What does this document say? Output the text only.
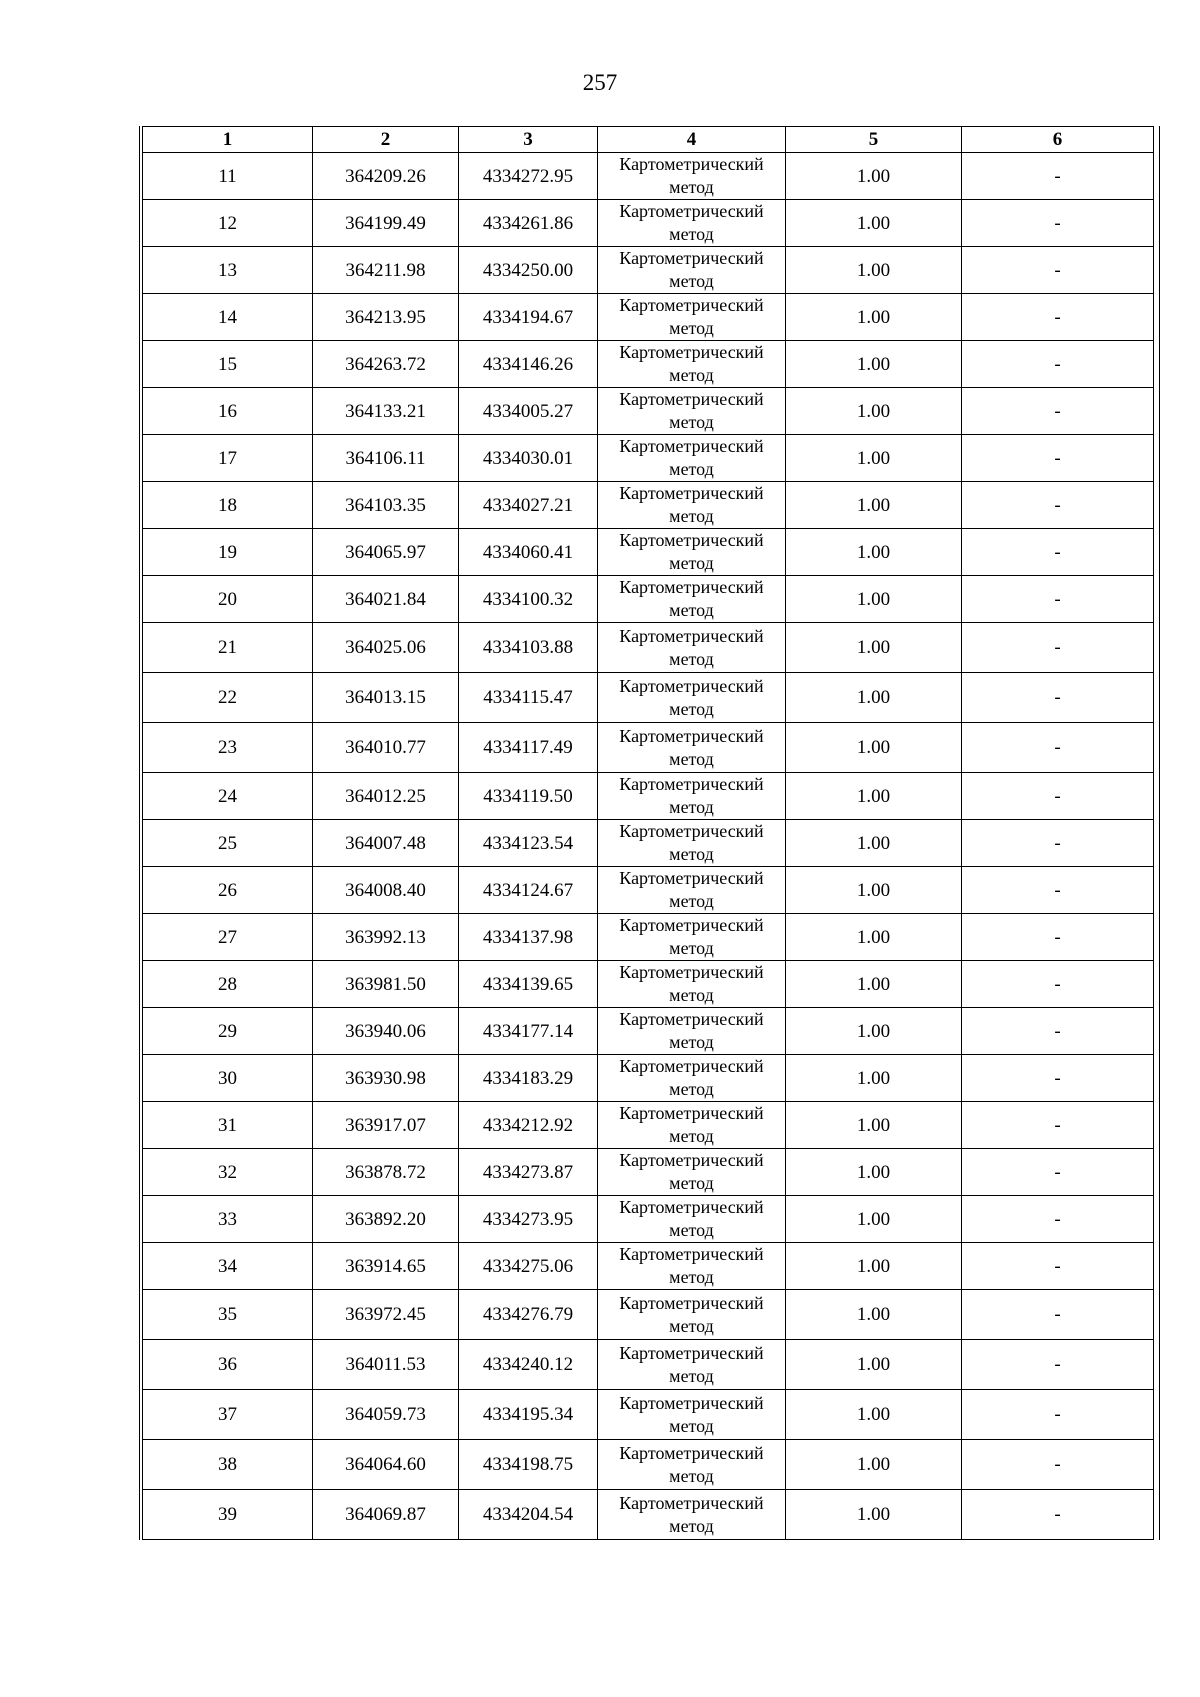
257
1	2	3	4	5	6
11	364209.26	4334272.95	Картометрический метод	1.00	-
12	364199.49	4334261.86	Картометрический метод	1.00	-
13	364211.98	4334250.00	Картометрический метод	1.00	-
14	364213.95	4334194.67	Картометрический метод	1.00	-
15	364263.72	4334146.26	Картометрический метод	1.00	-
16	364133.21	4334005.27	Картометрический метод	1.00	-
17	364106.11	4334030.01	Картометрический метод	1.00	-
18	364103.35	4334027.21	Картометрический метод	1.00	-
19	364065.97	4334060.41	Картометрический метод	1.00	-
20	364021.84	4334100.32	Картометрический метод	1.00	-
21	364025.06	4334103.88	Картометрический метод	1.00	-
22	364013.15	4334115.47	Картометрический метод	1.00	-
23	364010.77	4334117.49	Картометрический метод	1.00	-
24	364012.25	4334119.50	Картометрический метод	1.00	-
25	364007.48	4334123.54	Картометрический метод	1.00	-
26	364008.40	4334124.67	Картометрический метод	1.00	-
27	363992.13	4334137.98	Картометрический метод	1.00	-
28	363981.50	4334139.65	Картометрический метод	1.00	-
29	363940.06	4334177.14	Картометрический метод	1.00	-
30	363930.98	4334183.29	Картометрический метод	1.00	-
31	363917.07	4334212.92	Картометрический метод	1.00	-
32	363878.72	4334273.87	Картометрический метод	1.00	-
33	363892.20	4334273.95	Картометрический метод	1.00	-
34	363914.65	4334275.06	Картометрический метод	1.00	-
35	363972.45	4334276.79	Картометрический метод	1.00	-
36	364011.53	4334240.12	Картометрический метод	1.00	-
37	364059.73	4334195.34	Картометрический метод	1.00	-
38	364064.60	4334198.75	Картометрический метод	1.00	-
39	364069.87	4334204.54	Картометрический метод	1.00	-
